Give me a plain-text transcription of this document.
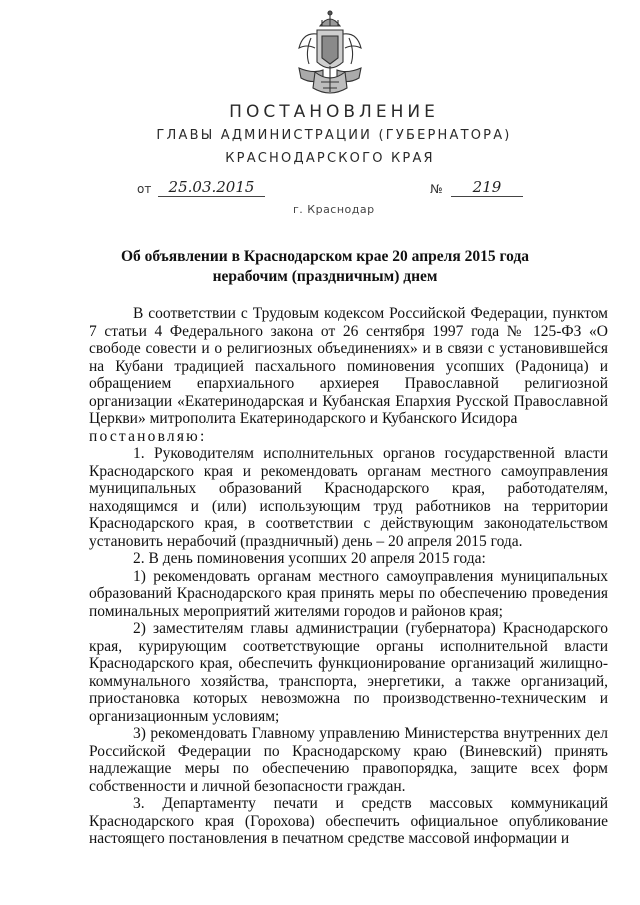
ПОСТАНОВЛЕНИЕ
ГЛАВЫ АДМИНИСТРАЦИИ (ГУБЕРНАТОРА)
КРАСНОДАРСКОГО КРАЯ
от	25.03.2015	№	219
г. Краснодар
Об объявлении в Краснодарском крае 20 апреля 2015 года
нерабочим (праздничным) днем

В соответствии с Трудовым кодексом Российской Федерации, пунктом 7 статьи 4 Федерального закона от 26 сентября 1997 года № 125-ФЗ «О свободе совести и о религиозных объединениях» и в связи с установившейся на Кубани традицией пасхального поминовения усопших (Радоница) и обращением епархиального архиерея Православной религиозной организации «Екатеринодарская и Кубанская Епархия Русской Православной Церкви» митрополита Екатеринодарского и Кубанского Исидора

постановляю:

1. Руководителям исполнительных органов государственной власти Краснодарского края и рекомендовать органам местного самоуправления муниципальных образований Краснодарского края, работодателям, находящимся и (или) использующим труд работников на территории Краснодарского края, в соответствии с действующим законодательством установить нерабочий (праздничный) день – 20 апреля 2015 года.

2. В день поминовения усопших 20 апреля 2015 года:

1) рекомендовать органам местного самоуправления муниципальных образований Краснодарского края принять меры по обеспечению проведения поминальных мероприятий жителями городов и районов края;

2) заместителям главы администрации (губернатора) Краснодарского края, курирующим соответствующие органы исполнительной власти Краснодарского края, обеспечить функционирование организаций жилищно-коммунального хозяйства, транспорта, энергетики, а также организаций, приостановка которых невозможна по производственно-техническим и организационным условиям;

3) рекомендовать Главному управлению Министерства внутренних дел Российской Федерации по Краснодарскому краю (Виневский) принять надлежащие меры по обеспечению правопорядка, защите всех форм собственности и личной безопасности граждан.

3. Департаменту печати и средств массовых коммуникаций Краснодарского края (Горохова) обеспечить официальное опубликование настоящего постановления в печатном средстве массовой информации и
